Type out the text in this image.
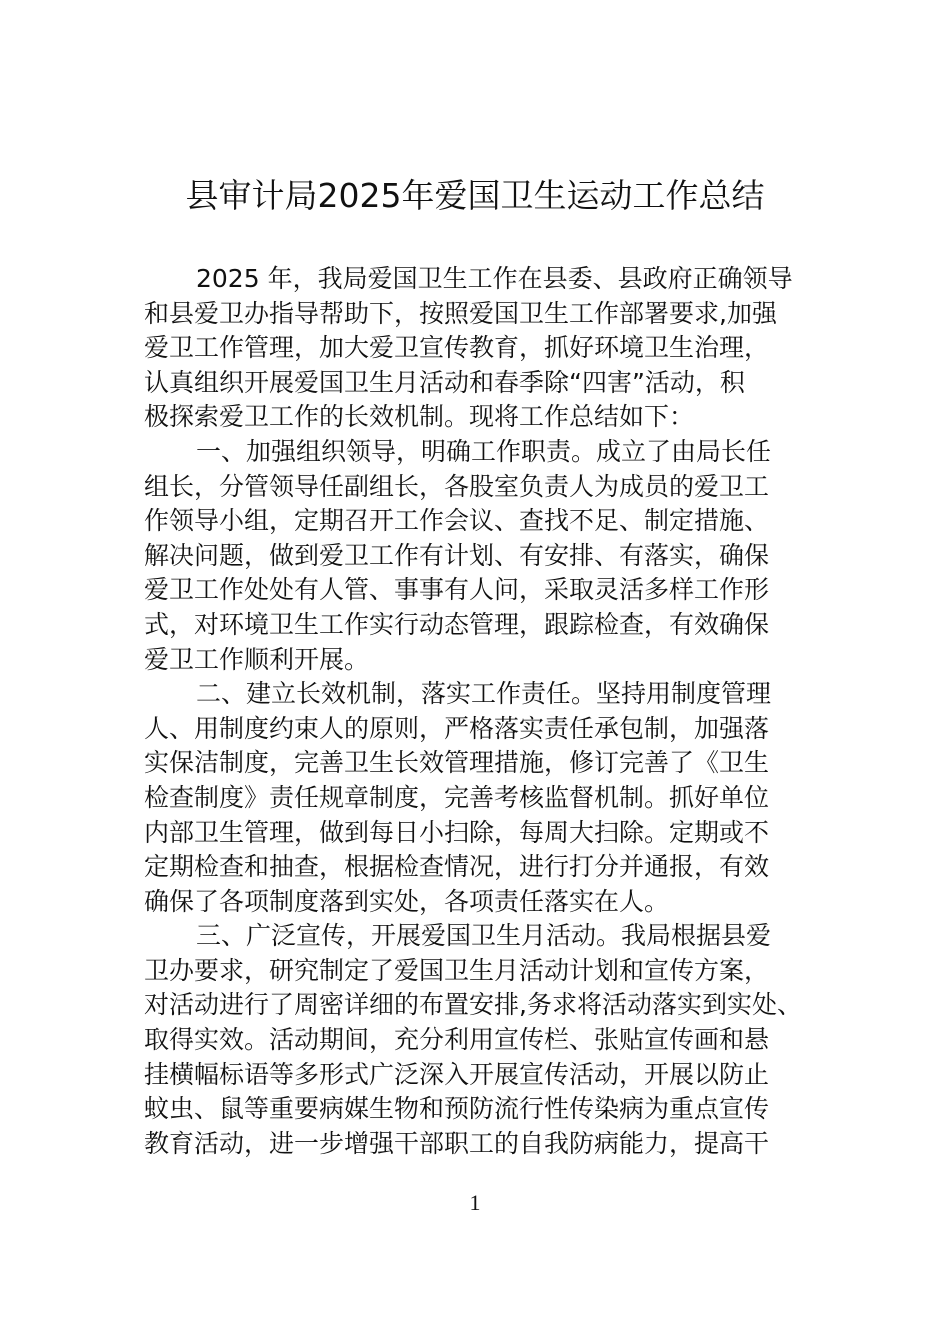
县审计局2025年爱国卫生运动工作总结
2025 年，我局爱国卫生工作在县委、县政府正确领导
和县爱卫办指导帮助下，按照爱国卫生工作部署要求,加强
爱卫工作管理，加大爱卫宣传教育，抓好环境卫生治理，
认真组织开展爱国卫生月活动和春季除“四害”活动，积
极探索爱卫工作的长效机制。现将工作总结如下：
一、加强组织领导，明确工作职责。成立了由局长任
组长，分管领导任副组长，各股室负责人为成员的爱卫工
作领导小组，定期召开工作会议、查找不足、制定措施、
解决问题，做到爱卫工作有计划、有安排、有落实，确保
爱卫工作处处有人管、事事有人问，采取灵活多样工作形
式，对环境卫生工作实行动态管理，跟踪检查，有效确保
爱卫工作顺利开展。
二、建立长效机制，落实工作责任。坚持用制度管理
人、用制度约束人的原则，严格落实责任承包制，加强落
实保洁制度，完善卫生长效管理措施，修订完善了《卫生
检查制度》责任规章制度，完善考核监督机制。抓好单位
内部卫生管理，做到每日小扫除，每周大扫除。定期或不
定期检查和抽查，根据检查情况，进行打分并通报，有效
确保了各项制度落到实处，各项责任落实在人。
三、广泛宣传，开展爱国卫生月活动。我局根据县爱
卫办要求，研究制定了爱国卫生月活动计划和宣传方案，
对活动进行了周密详细的布置安排,务求将活动落实到实处、
取得实效。活动期间，充分利用宣传栏、张贴宣传画和悬
挂横幅标语等多形式广泛深入开展宣传活动，开展以防止
蚊虫、鼠等重要病媒生物和预防流行性传染病为重点宣传
教育活动，进一步增强干部职工的自我防病能力，提高干
1
